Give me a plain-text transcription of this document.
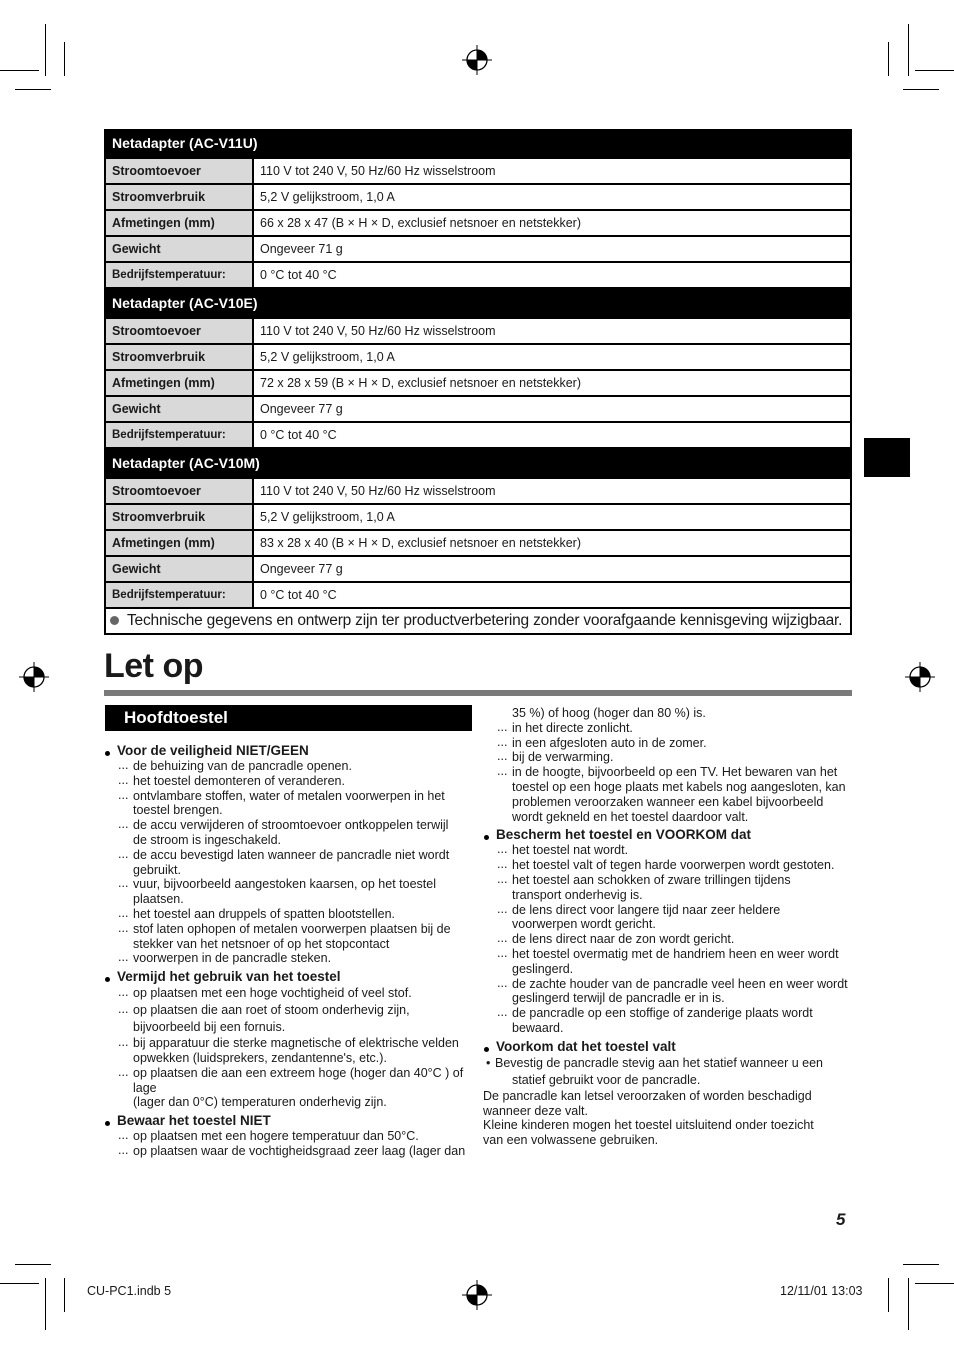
Netadapter (AC-V11U)
Stroomtoevoer	110 V tot 240 V, 50 Hz/60 Hz wisselstroom
Stroomverbruik	5,2 V gelijkstroom, 1,0 A
Afmetingen (mm)	66 x 28 x 47 (B × H × D, exclusief netsnoer en netstekker)
Gewicht	Ongeveer 71 g
Bedrijfstemperatuur:	0 °C tot 40 °C
Netadapter (AC-V10E)
Stroomtoevoer	110 V tot 240 V, 50 Hz/60 Hz wisselstroom
Stroomverbruik	5,2 V gelijkstroom, 1,0 A
Afmetingen (mm)	72 x 28 x 59 (B × H × D, exclusief netsnoer en netstekker)
Gewicht	Ongeveer 77 g
Bedrijfstemperatuur:	0 °C tot 40 °C
Netadapter (AC-V10M)
Stroomtoevoer	110 V tot 240 V, 50 Hz/60 Hz wisselstroom
Stroomverbruik	5,2 V gelijkstroom, 1,0 A
Afmetingen (mm)	83 x 28 x 40 (B × H × D, exclusief netsnoer en netstekker)
Gewicht	Ongeveer 77 g
Bedrijfstemperatuur:	0 °C tot 40 °C
Technische gegevens en ontwerp zijn ter productverbetering zonder voorafgaande kennisgeving wijzigbaar.
Let op
Hoofdtoestel
Voor de veiligheid NIET/GEEN
... de behuizing van de pancradle openen.
... het toestel demonteren of veranderen.
... ontvlambare stoffen, water of metalen voorwerpen in het
toestel brengen.
... de accu verwijderen of stroomtoevoer ontkoppelen terwijl
de stroom is ingeschakeld.
... de accu bevestigd laten wanneer de pancradle niet wordt
gebruikt.
... vuur, bijvoorbeeld aangestoken kaarsen, op het toestel
plaatsen.
... het toestel aan druppels of spatten blootstellen.
... stof laten ophopen of metalen voorwerpen plaatsen bij de
stekker van het netsnoer of op het stopcontact
... voorwerpen in de pancradle steken.
Vermijd het gebruik van het toestel
... op plaatsen met een hoge vochtigheid of veel stof.
... op plaatsen die aan roet of stoom onderhevig zijn,
bijvoorbeeld bij een fornuis.
... bij apparatuur die sterke magnetische of elektrische velden
opwekken (luidsprekers, zendantenne's, etc.).
... op plaatsen die aan een extreem hoge (hoger dan 40°C ) of lage
(lager dan 0°C) temperaturen onderhevig zijn.
Bewaar het toestel NIET
... op plaatsen met een hogere temperatuur dan 50°C.
... op plaatsen waar de vochtigheidsgraad zeer laag (lager dan
35 %) of hoog (hoger dan 80 %) is.
... in het directe zonlicht.
... in een afgesloten auto in de zomer.
... bij de verwarming.
... in de hoogte, bijvoorbeeld op een TV. Het bewaren van het
toestel op een hoge plaats met kabels nog aangesloten, kan
problemen veroorzaken wanneer een kabel bijvoorbeeld
wordt gekneld en het toestel daardoor valt.
Bescherm het toestel en VOORKOM dat
... het toestel nat wordt.
... het toestel valt of tegen harde voorwerpen wordt gestoten.
... het toestel aan schokken of zware trillingen tijdens
transport onderhevig is.
... de lens direct voor langere tijd naar zeer heldere
voorwerpen wordt gericht.
... de lens direct naar de zon wordt gericht.
... het toestel overmatig met de handriem heen en weer wordt
geslingerd.
... de zachte houder van de pancradle veel heen en weer wordt
geslingerd terwijl de pancradle er in is.
... de pancradle op een stoffige of zanderige plaats wordt
bewaard.
Voorkom dat het toestel valt
• Bevestig de pancradle stevig aan het statief wanneer u een
statief gebruikt voor de pancradle.
De pancradle kan letsel veroorzaken of worden beschadigd
wanneer deze valt.
Kleine kinderen mogen het toestel uitsluitend onder toezicht
van een volwassene gebruiken.
5
CU-PC1.indb 5	12/11/01 13:03
